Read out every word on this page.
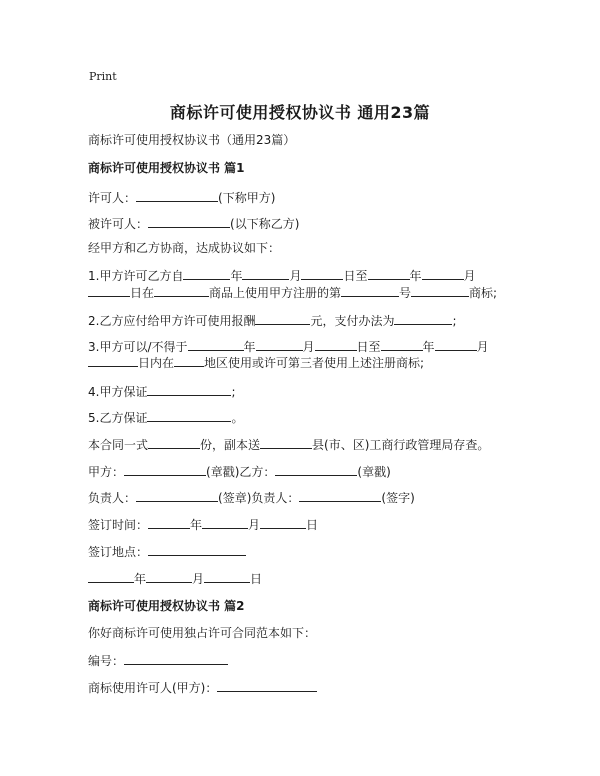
Print
商标许可使用授权协议书 通用23篇
商标许可使用授权协议书（通用23篇）
商标许可使用授权协议书 篇1
许可人：	(下称甲方)
被许可人：	(以下称乙方)
经甲方和乙方协商，达成协议如下：
1.甲方许可乙方自	年	月	日至	年	月
日在	商品上使用甲方注册的第	号	商标;
2.乙方应付给甲方许可使用报酬	元，支付办法为	;
3.甲方可以/不得于	年	月	日至	年	月
日内在	地区使用或许可第三者使用上述注册商标;
4.甲方保证	;
5.乙方保证	。
本合同一式	份，副本送	县(市、区)工商行政管理局存查。
甲方：	(章戳)乙方：	(章戳)
负责人：	(签章)负责人：	(签字)
签订时间：	年	月	日
签订地点：
年	月	日
商标许可使用授权协议书 篇2
你好商标许可使用独占许可合同范本如下：
编号：
商标使用许可人(甲方)：
